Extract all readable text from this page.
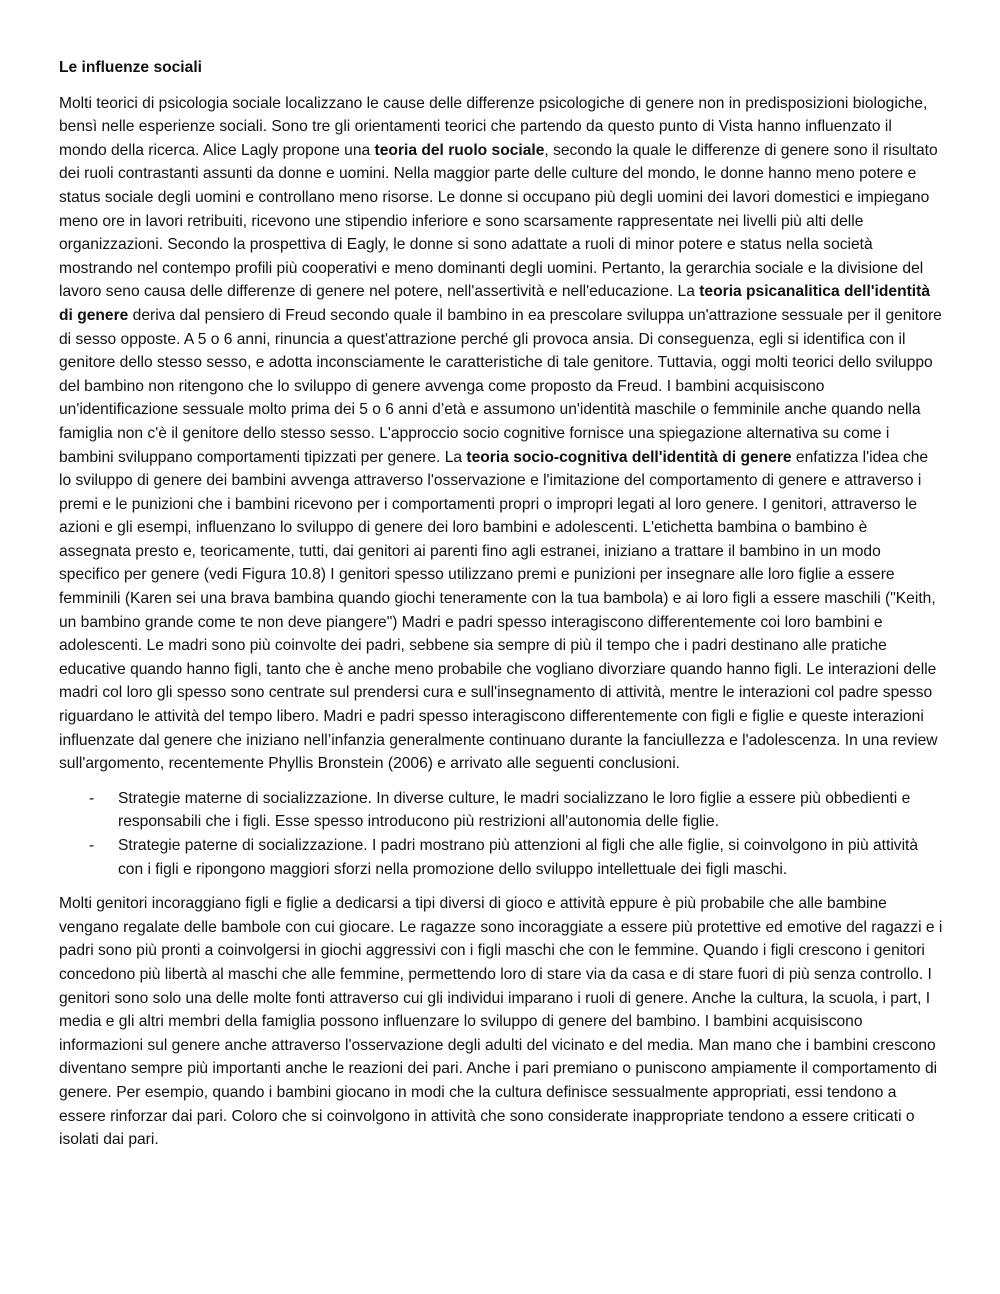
Le influenze sociali

Molti teorici di psicologia sociale localizzano le cause delle differenze psicologiche di genere non in predisposizioni biologiche, bensì nelle esperienze sociali. Sono tre gli orientamenti teorici che partendo da questo punto di Vista hanno influenzato il mondo della ricerca. Alice Lagly propone una teoria del ruolo sociale, secondo la quale le differenze di genere sono il risultato dei ruoli contrastanti assunti da donne e uomini. Nella maggior parte delle culture del mondo, le donne hanno meno potere e status sociale degli uomini e controllano meno risorse. Le donne si occupano più degli uomini dei lavori domestici e impiegano meno ore in lavori retribuiti, ricevono une stipendio inferiore e sono scarsamente rappresentate nei livelli più alti delle organizzazioni. Secondo la prospettiva di Eagly, le donne si sono adattate a ruoli di minor potere e status nella società mostrando nel contempo profili più cooperativi e meno dominanti degli uomini. Pertanto, la gerarchia sociale e la divisione del lavoro seno causa delle differenze di genere nel potere, nell'assertività e nell'educazione. La teoria psicanalitica dell'identità di genere deriva dal pensiero di Freud secondo quale il bambino in ea prescolare sviluppa un'attrazione sessuale per il genitore di sesso opposte. A 5 o 6 anni, rinuncia a quest'attrazione perché gli provoca ansia. Di conseguenza, egli si identifica con il genitore dello stesso sesso, e adotta inconsciamente le caratteristiche di tale genitore. Tuttavia, oggi molti teorici dello sviluppo del bambino non ritengono che lo sviluppo di genere avvenga come proposto da Freud. I bambini acquisiscono un'identificazione sessuale molto prima dei 5 o 6 anni d’età e assumono un'identità maschile o femminile anche quando nella famiglia non c'è il genitore dello stesso sesso. L'approccio socio cognitive fornisce una spiegazione alternativa su come i bambini sviluppano comportamenti tipizzati per genere. La teoria socio-cognitiva dell'identità di genere enfatizza l'idea che lo sviluppo di genere dei bambini avvenga attraverso l'osservazione e l'imitazione del comportamento di genere e attraverso i premi e le punizioni che i bambini ricevono per i comportamenti propri o impropri legati al loro genere. I genitori, attraverso le azioni e gli esempi, influenzano lo sviluppo di genere dei loro bambini e adolescenti. L'etichetta bambina o bambino è assegnata presto e, teoricamente, tutti, dai genitori ai parenti fino agli estranei, iniziano a trattare il bambino in un modo specifico per genere (vedi Figura 10.8) I genitori spesso utilizzano premi e punizioni per insegnare alle loro figlie a essere femminili (Karen sei una brava bambina quando giochi teneramente con la tua bambola) e ai loro figli a essere maschili ("Keith, un bambino grande come te non deve piangere") Madri e padri spesso interagiscono differentemente coi loro bambini e adolescenti. Le madri sono più coinvolte dei padri, sebbene sia sempre di più il tempo che i padri destinano alle pratiche educative quando hanno figli, tanto che è anche meno probabile che vogliano divorziare quando hanno figli. Le interazioni delle madri col loro gli spesso sono centrate sul prendersi cura e sull'insegnamento di attività, mentre le interazioni col padre spesso riguardano le attività del tempo libero. Madri e padri spesso interagiscono differentemente con figli e figlie e queste interazioni influenzate dal genere che iniziano nell’infanzia generalmente continuano durante la fanciullezza e l'adolescenza. In una review sull'argomento, recentemente Phyllis Bronstein (2006) e arrivato alle seguenti conclusioni.

- Strategie materne di socializzazione. In diverse culture, le madri socializzano le loro figlie a essere più obbedienti e responsabili che i figli. Esse spesso introducono più restrizioni all'autonomia delle figlie.
- Strategie paterne di socializzazione. I padri mostrano più attenzioni al figli che alle figlie, si coinvolgono in più attività con i figli e ripongono maggiori sforzi nella promozione dello sviluppo intellettuale dei figli maschi.

Molti genitori incoraggiano figli e figlie a dedicarsi a tipi diversi di gioco e attività eppure è più probabile che alle bambine vengano regalate delle bambole con cui giocare. Le ragazze sono incoraggiate a essere più protettive ed emotive del ragazzi e i padri sono più pronti a coinvolgersi in giochi aggressivi con i figli maschi che con le femmine. Quando i figli crescono i genitori concedono più libertà al maschi che alle femmine, permettendo loro di stare via da casa e di stare fuori di più senza controllo. I genitori sono solo una delle molte fonti attraverso cui gli individui imparano i ruoli di genere. Anche la cultura, la scuola, i part, I media e gli altri membri della famiglia possono influenzare lo sviluppo di genere del bambino. I bambini acquisiscono informazioni sul genere anche attraverso l'osservazione degli adulti del vicinato e del media. Man mano che i bambini crescono diventano sempre più importanti anche le reazioni dei pari. Anche i pari premiano o puniscono ampiamente il comportamento di genere. Per esempio, quando i bambini giocano in modi che la cultura definisce sessualmente appropriati, essi tendono a essere rinforzar dai pari. Coloro che si coinvolgono in attività che sono considerate inappropriate tendono a essere criticati o isolati dai pari.
